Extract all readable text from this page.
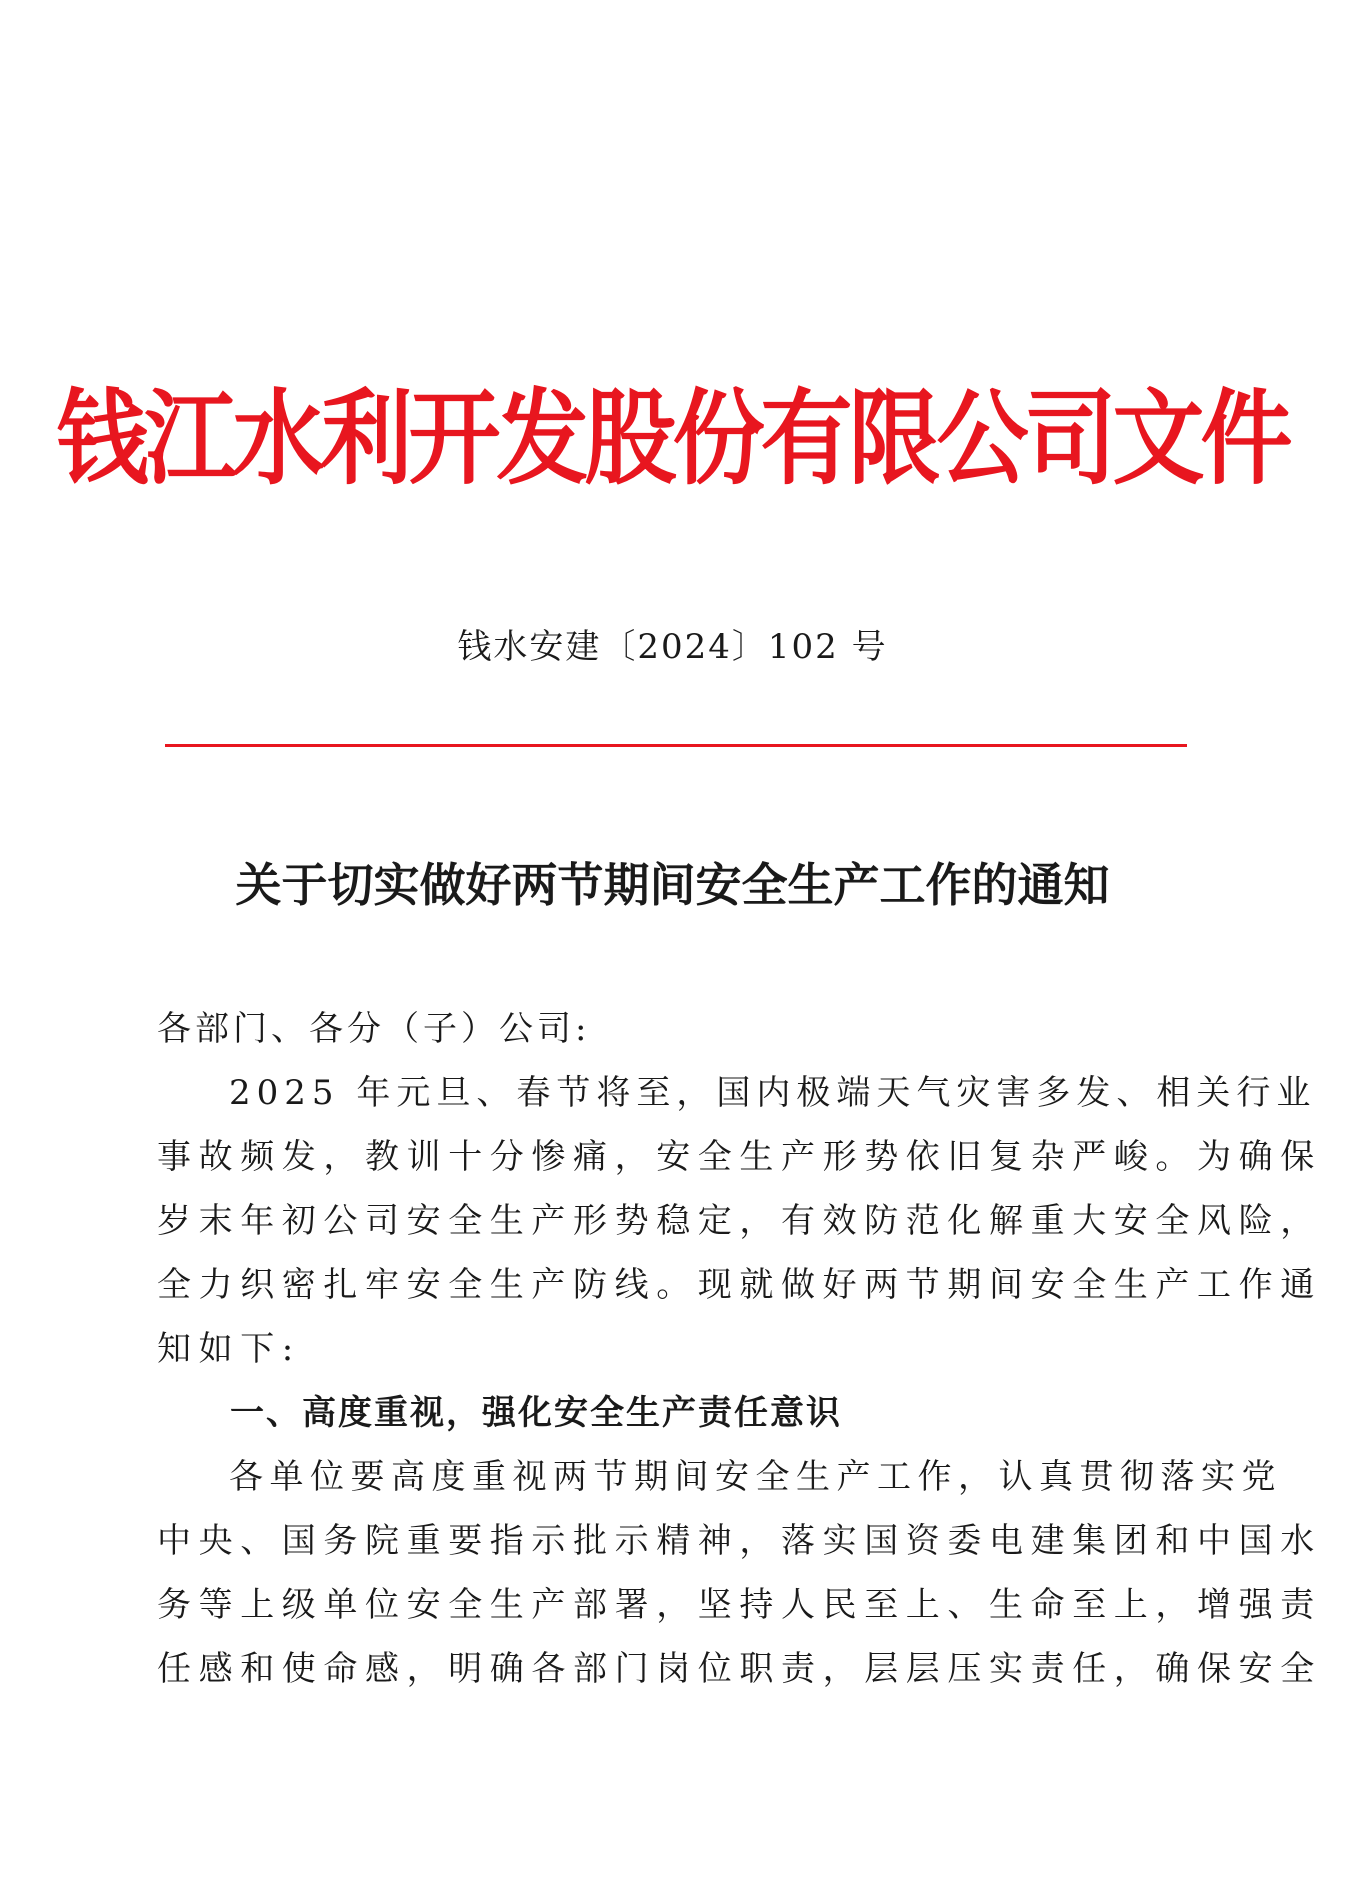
钱江水利开发股份有限公司文件
钱水安建〔2024〕102 号
关于切实做好两节期间安全生产工作的通知
各部门、各分（子）公司:
2025 年元旦、春节将至，国内极端天气灾害多发、相关行业
事故频发，教训十分惨痛，安全生产形势依旧复杂严峻。为确保
岁末年初公司安全生产形势稳定，有效防范化解重大安全风险，
全力织密扎牢安全生产防线。现就做好两节期间安全生产工作通
知如下:
一、高度重视，强化安全生产责任意识
各单位要高度重视两节期间安全生产工作，认真贯彻落实党
中央、国务院重要指示批示精神，落实国资委电建集团和中国水
务等上级单位安全生产部署，坚持人民至上、生命至上，增强责
任感和使命感，明确各部门岗位职责，层层压实责任，确保安全
